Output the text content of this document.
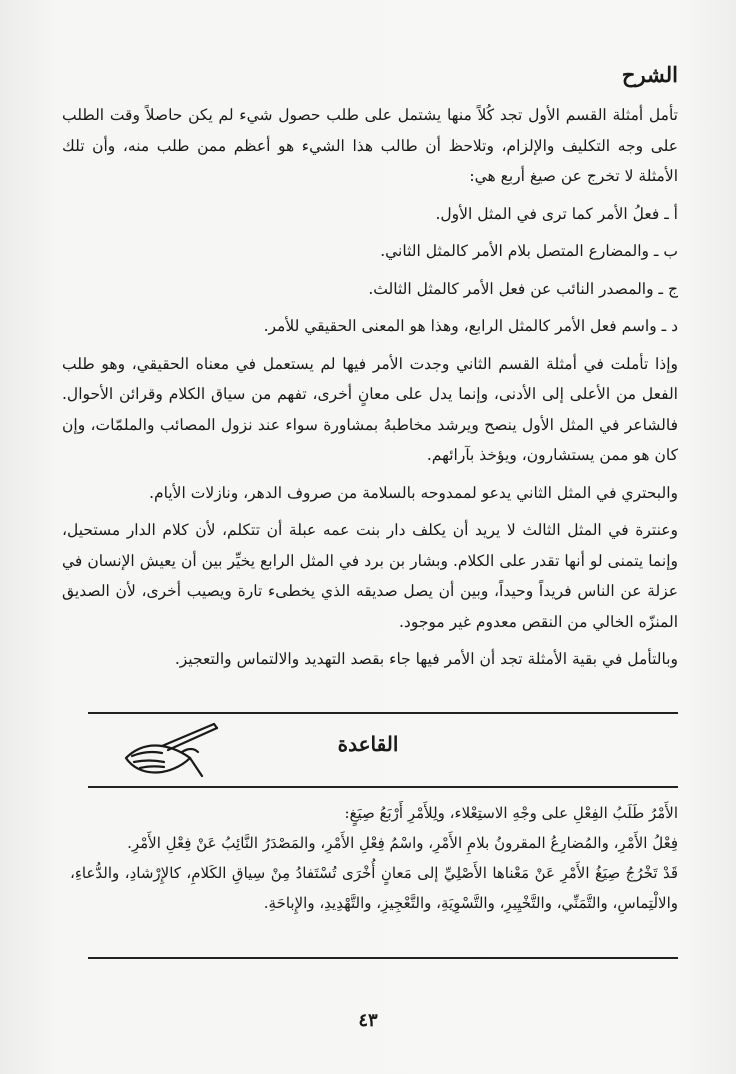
الشرح

تأمل أمثلة القسم الأول تجد كُلاً منها يشتمل على طلب حصول شيء لم يكن حاصلاً وقت الطلب على وجه التكليف والإلزام، وتلاحظ أن طالب هذا الشيء هو أعظم ممن طلب منه، وأن تلك الأمثلة لا تخرج عن صيغ أربع هي:

أ ـ فعلُ الأمر كما ترى في المثل الأول.

ب ـ والمضارع المتصل بلام الأمر كالمثل الثاني.

ج ـ والمصدر النائب عن فعل الأمر كالمثل الثالث.

د ـ واسم فعل الأمر كالمثل الرابع، وهذا هو المعنى الحقيقي للأمر.

وإذا تأملت في أمثلة القسم الثاني وجدت الأمر فيها لم يستعمل في معناه الحقيقي، وهو طلب الفعل من الأعلى إلى الأدنى، وإنما يدل على معانٍ أخرى، تفهم من سياق الكلام وقرائن الأحوال. فالشاعر في المثل الأول ينصح ويرشد مخاطبهُ بمشاورة سواء عند نزول المصائب والملمّات، وإن كان هو ممن يستشارون، ويؤخذ بآرائهم.

والبحتري في المثل الثاني يدعو لممدوحه بالسلامة من صروف الدهر، ونازلات الأيام.

وعنترة في المثل الثالث لا يريد أن يكلف دار بنت عمه عبلة أن تتكلم، لأن كلام الدار مستحيل، وإنما يتمنى لو أنها تقدر على الكلام. وبشار بن برد في المثل الرابع يخيِّر بين أن يعيش الإنسان في عزلة عن الناس فريداً وحيداً، وبين أن يصل صديقه الذي يخطىء تارة ويصيب أخرى، لأن الصديق المنزّه الخالي من النقص معدوم غير موجود.

وبالتأمل في بقية الأمثلة تجد أن الأمر فيها جاء بقصد التهديد والالتماس والتعجيز.

القاعدة

الأَمْرُ طَلَبُ الفِعْلِ على وجْهِ الاستِعْلاء، ولِلأَمْرِ أَرْبَعُ صِيَغٍ:

فِعْلُ الأَمْرِ، والمُضارِعُ المقرونُ بلامِ الأَمْرِ، واسْمُ فِعْلِ الأَمْرِ، والمَصْدَرُ النَّائِبُ عَنْ فِعْلِ الأَمْرِ.

قَدْ تَخْرُجُ صِيَغُ الأَمْرِ عَنْ مَعْناها الأَصْلِيِّ إلى مَعانٍ أُخْرَى تُسْتَفادُ مِنْ سِياقِ الكَلامِ، كالإِرْشادِ، والدُّعاءِ، والالْتِماسِ، والتَّمَنِّي، والتَّخْيِيرِ، والتَّسْوِيَةِ، والتَّعْجِيزِ، والتَّهْدِيدِ، والإِباحَةِ.

٤٣
